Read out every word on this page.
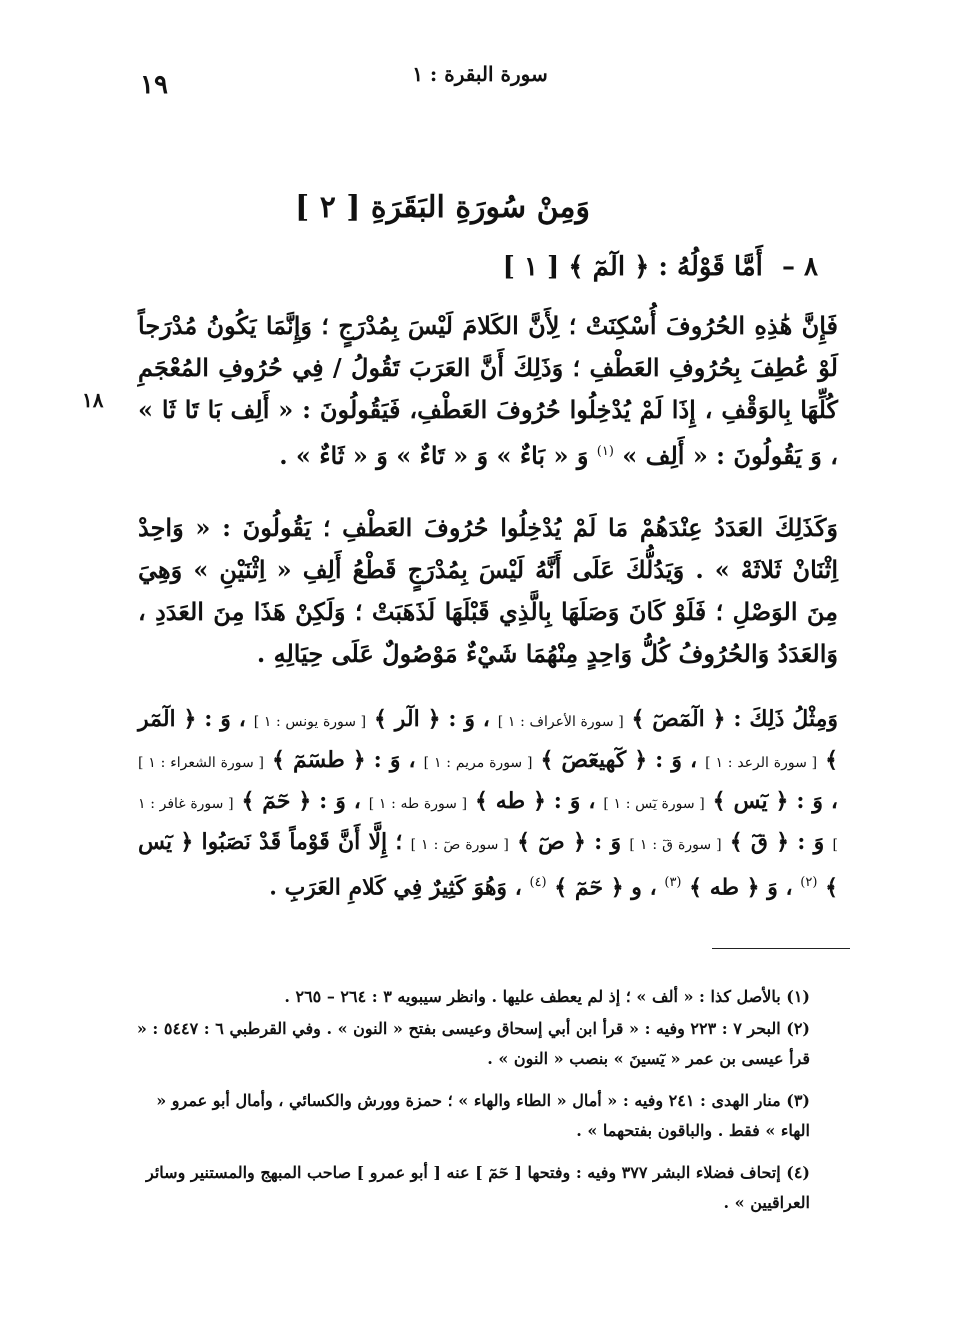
سورة البقرة : ١
١٩
وَمِنْ سُورَةِ البَقَرَةِ [ ٢ ]
٨ – أَمَّا قَوْلُهُ : ﴿ الٓمٓ ﴾ [ ١ ]
١٨
فَإِنَّ هَٰذِهِ الحُرُوفَ أُسْكِنَتْ ؛ لِأَنَّ الكَلامَ لَيْسَ بِمُدْرَجٍ ؛ وَإِنَّمَا يَكُونُ مُدْرَجاً لَوْ عُطِفَ بِحُرُوفِ العَطْفِ ؛ وَذَلِكَ أَنَّ العَرَبَ تَقُولُ / فِي حُرُوفِ المُعْجَمِ كُلِّهَا بِالوَقْفِ ، إِذَا لَمْ يُدْخِلُوا حُرُوفَ العَطْفِ، فَيَقُولُونَ : « أَلِف بَا تَا ثَا » ، وَ يَقُولُونَ : « أَلِف » $^{(١)}$ وَ « بَاءٌ » وَ « تَاءٌ » وَ « ثَاءٌ » .
وَكَذَلِكَ العَدَدُ عِنْدَهُمْ مَا لَمْ يُدْخِلُوا حُرُوفَ العَطْفِ ؛ يَقُولُونَ : « وَاحِدْ اِثْنَانْ ثَلاثَهْ » . وَيَدُلُّكَ عَلَى أَنَّهُ لَيْسَ بِمُدْرَجٍ قَطْعُ أَلِفِ « اِثْنَيْنِ » وَهِيَ مِنَ الوَصْلِ ؛ فَلَوْ كَانَ وَصَلَهَا بِالَّذِي قَبْلَهَا لَذَهَبَتْ ؛ وَلَكِنْ هَذَا مِنَ العَدَدِ ، وَالعَدَدُ وَالحُرُوفُ كُلُّ وَاحِدٍ مِنْهُمَا شَيْءٌ مَوْصُولٌ عَلَى حِيَالِهِ .
وَمِثْلُ ذَلِكَ : ﴿ الٓمٓصٓ ﴾ [ سورة الأعراف : ١ ] ، وَ : ﴿ الٓر ﴾ [ سورة يونس : ١ ] ، وَ : ﴿ الٓمٓر ﴾ [ سورة الرعد : ١ ] ، وَ : ﴿ كٓهيعٓصٓ ﴾ [ سورة مريم : ١ ] ، وَ : ﴿ طسٓمٓ ﴾ [ سورة الشعراء : ١ ] ، وَ : ﴿ يٓس ﴾ [ سورة يٓس : ١ ] ، وَ : ﴿ طه ﴾ [ سورة طه : ١ ] ، وَ : ﴿ حٓمٓ ﴾ [ سورة غافر : ١ ] وَ : ﴿ قٓ ﴾ [ سورة قٓ : ١ ] وَ : ﴿ صٓ ﴾ [ سورة صٓ : ١ ] ؛ إِلَّا أَنَّ قَوْماً قَدْ نَصَبُوا ﴿ يٓس ﴾ $^{(٢)}$ ، وَ ﴿ طه ﴾ $^{(٣)}$ ، و ﴿ حٓمٓ ﴾ $^{(٤)}$ ، وَهُوَ كَثِيرٌ فِي كَلامِ العَرَبِ .
(١) بالأصل كذا : « ألف » ؛ إذ لم يعطف عليها . وانظر سيبويه ٣ : ٢٦٤ – ٢٦٥ .
(٢) البحر ٧ : ٢٢٣ وفيه : « قرأ ابن أبي إسحاق وعيسى بفتح « النون » . وفي القرطبي ٦ : ٥٤٤٧ : « قرأ عيسى بن عمر « يٓسينَ » بنصب « النون » .
(٣) منار الهدى : ٢٤١ وفيه : « أمال « الطاء والهاء » ؛ حمزة وورش والكسائي ، وأمال أبو عمرو « الهاء » فقط . والباقون بفتحهما » .
(٤) إتحاف فضلاء البشر ٣٧٧ وفيه : وفتحها [ حٓمٓ ] عنه [ أبو عمرو ] صاحب المبهج والمستنير وسائر العراقيين » .
